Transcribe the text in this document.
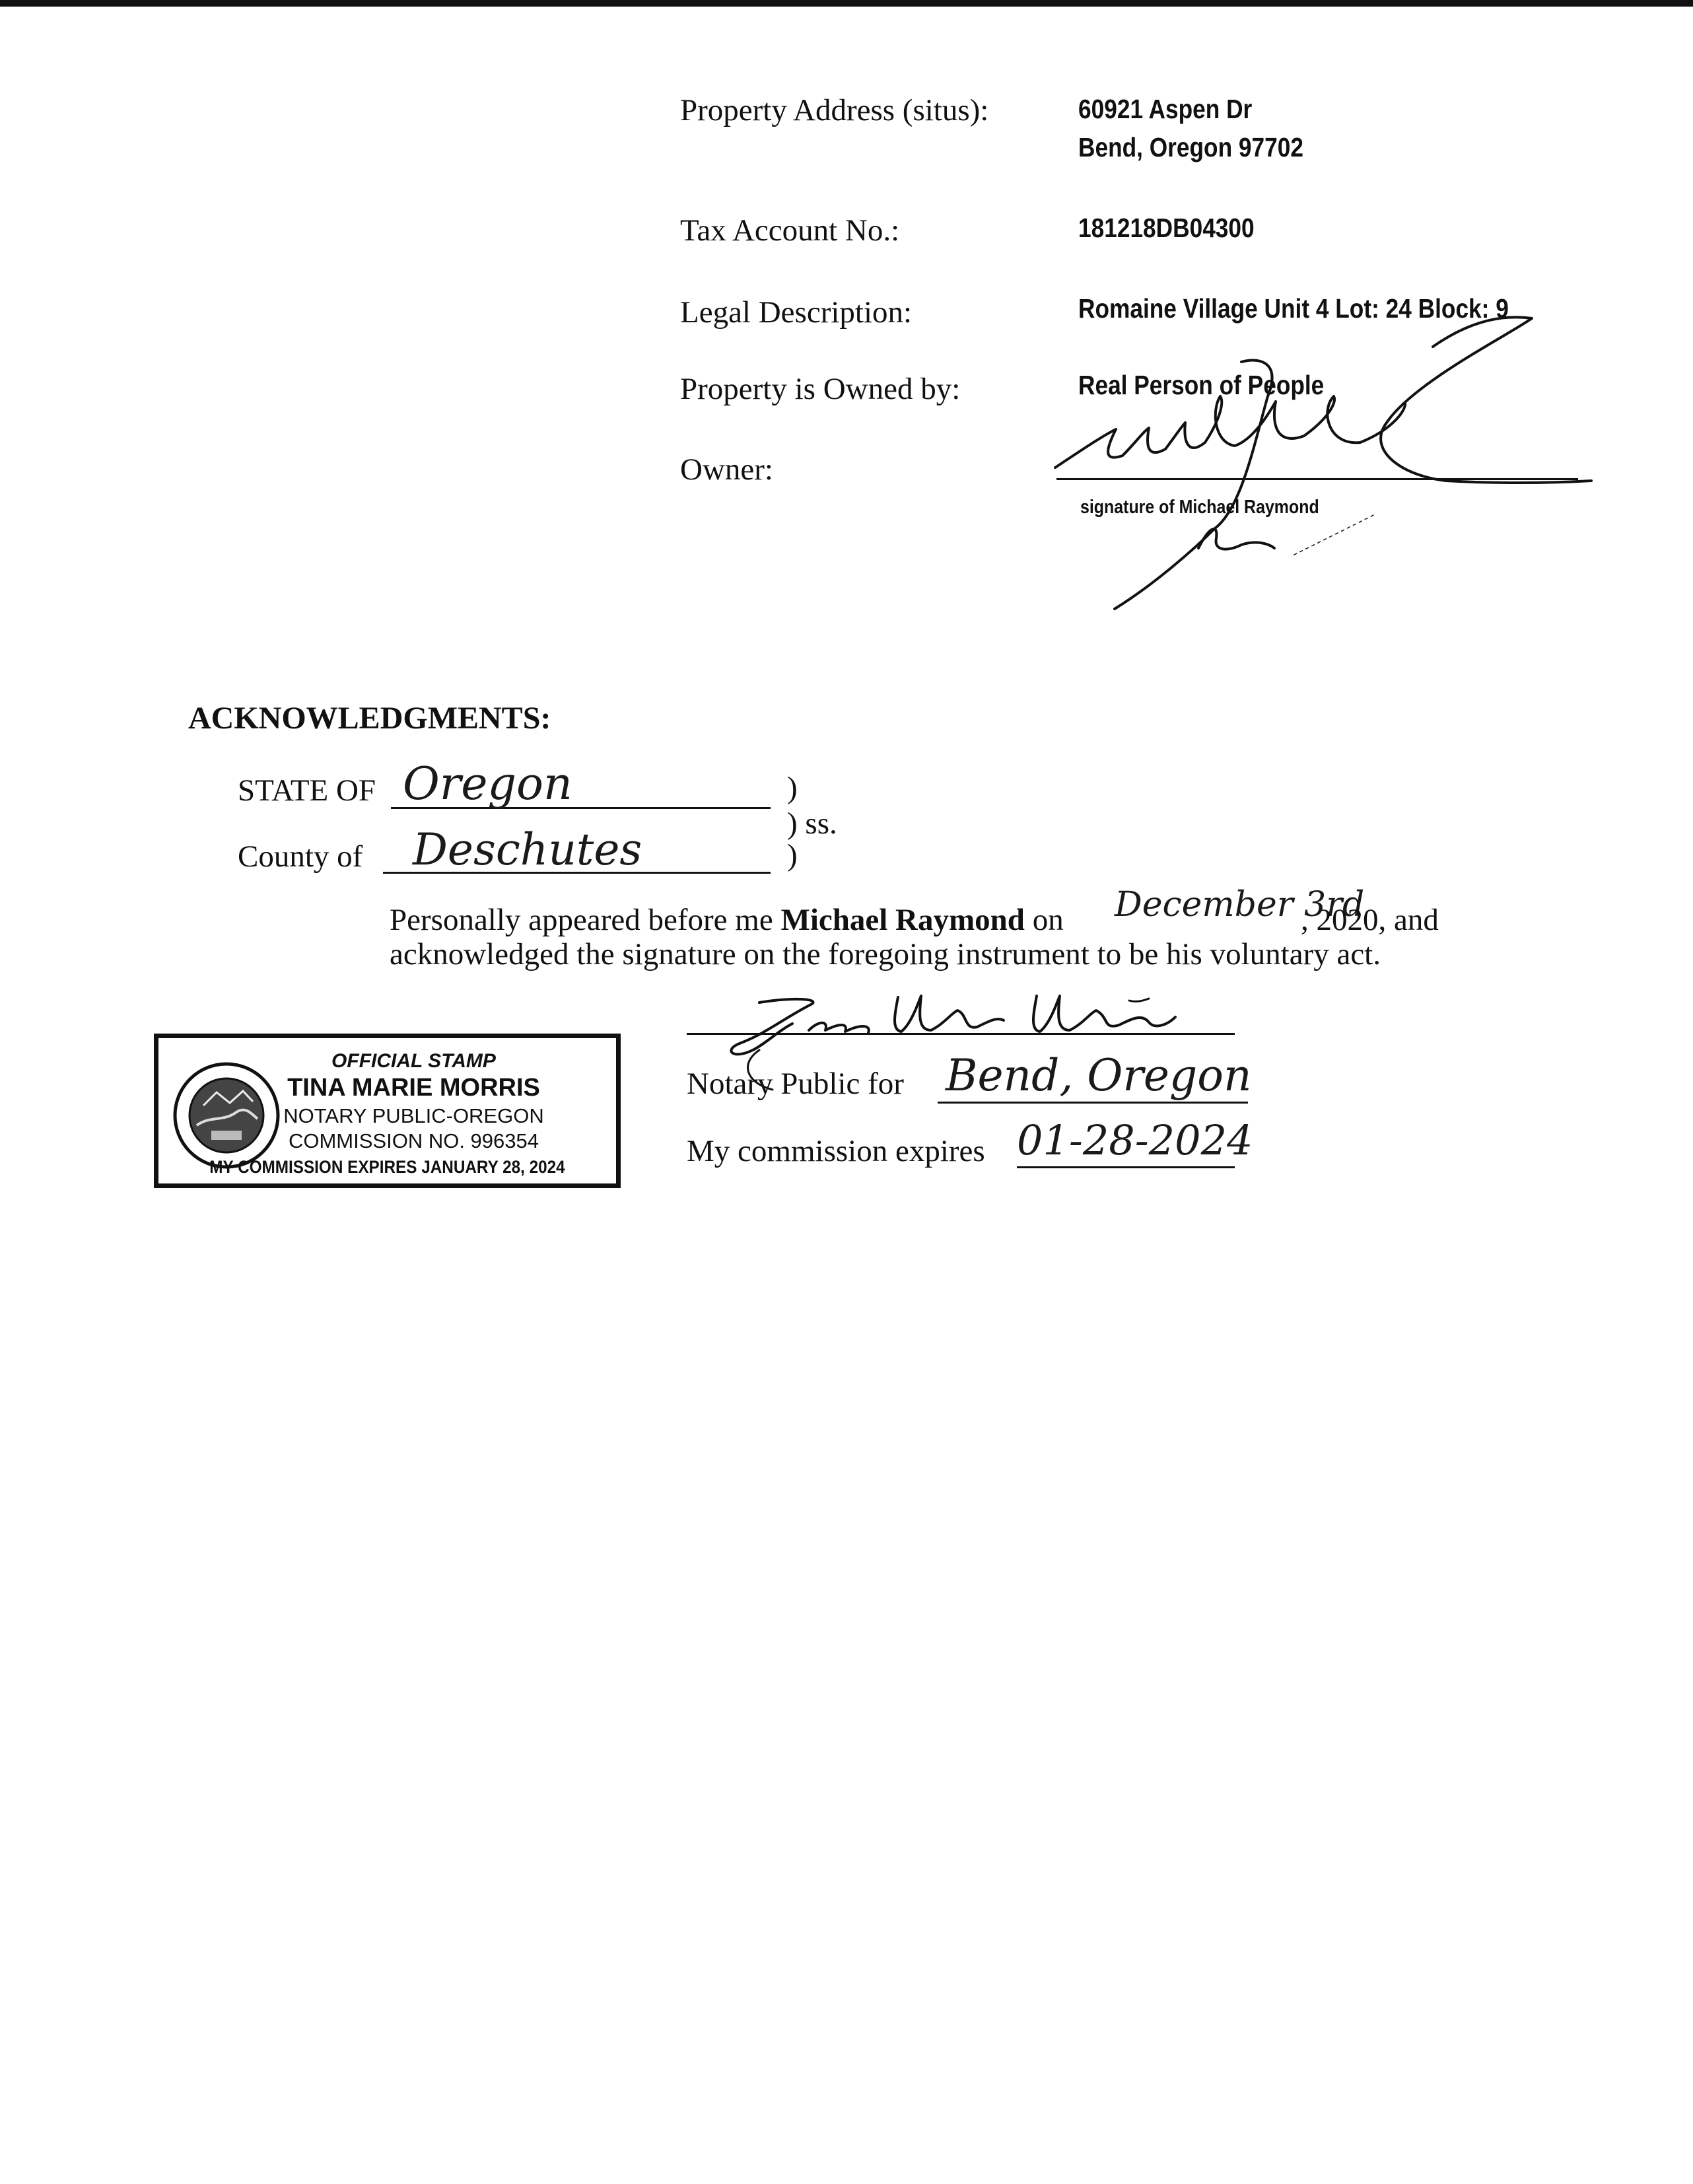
Property Address (situs):	60921 Aspen Dr
Bend, Oregon 97702
Tax Account No.:	181218DB04300
Legal Description:	Romaine Village Unit 4 Lot: 24 Block: 9
Property is Owned by:	Real Person of People
Owner:
signature of Michael Raymond
ACKNOWLEDGMENTS:
STATE OF Oregon	)
) ss.
County of Deschutes	)
Personally appeared before me Michael Raymond on December 3rd
, 2020, and
acknowledged the signature on the foregoing instrument to be his voluntary act.
Notary Public for Bend, Oregon
My commission expires 01-28-2024
OFFICIAL STAMP
TINA MARIE MORRIS
NOTARY PUBLIC-OREGON
COMMISSION NO. 996354
MY COMMISSION EXPIRES JANUARY 28, 2024
